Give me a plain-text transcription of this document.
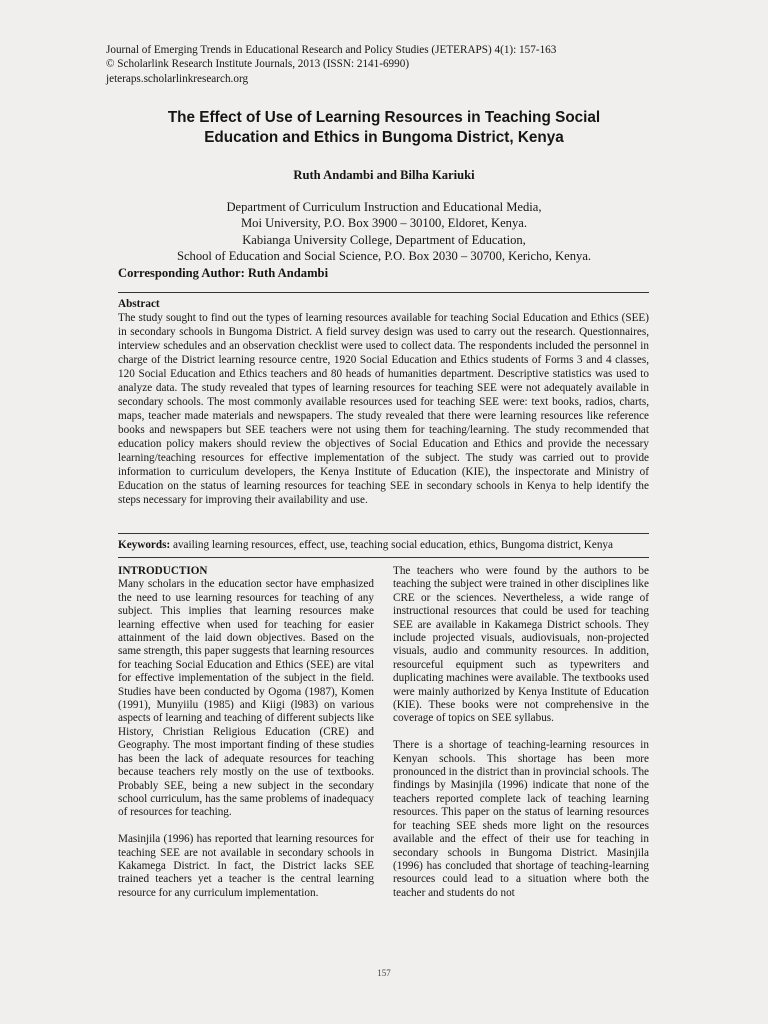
Journal of Emerging Trends in Educational Research and Policy Studies (JETERAPS) 4(1): 157-163
© Scholarlink Research Institute Journals, 2013 (ISSN: 2141-6990)
jeteraps.scholarlinkresearch.org
The Effect of Use of Learning Resources in Teaching Social
Education and Ethics in Bungoma District, Kenya
Ruth Andambi and Bilha Kariuki
Department of Curriculum Instruction and Educational Media,
Moi University, P.O. Box 3900 – 30100, Eldoret, Kenya.
Kabianga University College, Department of Education,
School of Education and Social Science, P.O. Box 2030 – 30700, Kericho, Kenya.
Corresponding Author: Ruth Andambi
Abstract
The study sought to find out the types of learning resources available for teaching Social Education and Ethics (SEE) in secondary schools in Bungoma District. A field survey design was used to carry out the research. Questionnaires, interview schedules and an observation checklist were used to collect data. The respondents included the personnel in charge of the District learning resource centre, 1920 Social Education and Ethics students of Forms 3 and 4 classes, 120 Social Education and Ethics teachers and 80 heads of humanities department. Descriptive statistics was used to analyze data. The study revealed that types of learning resources for teaching SEE were not adequately available in secondary schools. The most commonly available resources used for teaching SEE were: text books, radios, charts, maps, teacher made materials and newspapers. The study revealed that there were learning resources like reference books and newspapers but SEE teachers were not using them for teaching/learning. The study recommended that education policy makers should review the objectives of Social Education and Ethics and provide the necessary learning/teaching resources for effective implementation of the subject. The study was carried out to provide information to curriculum developers, the Kenya Institute of Education (KIE), the inspectorate and Ministry of Education on the status of learning resources for teaching SEE in secondary schools in Kenya to help identify the steps necessary for improving their availability and use.
Keywords: availing learning resources, effect, use, teaching social education, ethics, Bungoma district, Kenya
INTRODUCTION

Many scholars in the education sector have emphasized the need to use learning resources for teaching of any subject. This implies that learning resources make learning effective when used for teaching for easier attainment of the laid down objectives. Based on the same strength, this paper suggests that learning resources for teaching Social Education and Ethics (SEE) are vital for effective implementation of the subject in the field. Studies have been conducted by Ogoma (1987), Komen (1991), Munyiilu (1985) and Kiigi (l983) on various aspects of learning and teaching of different subjects like History, Christian Religious Education (CRE) and Geography. The most important finding of these studies has been the lack of adequate resources for teaching because teachers rely mostly on the use of textbooks. Probably SEE, being a new subject in the secondary school curriculum, has the same problems of inadequacy of resources for teaching.

Masinjila (1996) has reported that learning resources for teaching SEE are not available in secondary schools in Kakamega District. In fact, the District lacks SEE trained teachers yet a teacher is the central learning resource for any curriculum implementation.

The teachers who were found by the authors to be teaching the subject were trained in other disciplines like CRE or the sciences. Nevertheless, a wide range of instructional resources that could be used for teaching SEE are available in Kakamega District schools. They include projected visuals, audiovisuals, non-projected visuals, audio and community resources. In addition, resourceful equipment such as typewriters and duplicating machines were available. The textbooks used were mainly authorized by Kenya Institute of Education (KIE). These books were not comprehensive in the coverage of topics on SEE syllabus.

There is a shortage of teaching-learning resources in Kenyan schools. This shortage has been more pronounced in the district than in provincial schools. The findings by Masinjila (1996) indicate that none of the teachers reported complete lack of teaching learning resources. This paper on the status of learning resources for teaching SEE sheds more light on the resources available and the effect of their use for teaching in secondary schools in Bungoma District. Masinjila (1996) has concluded that shortage of teaching-learning resources could lead to a situation where both the teacher and students do not

157
